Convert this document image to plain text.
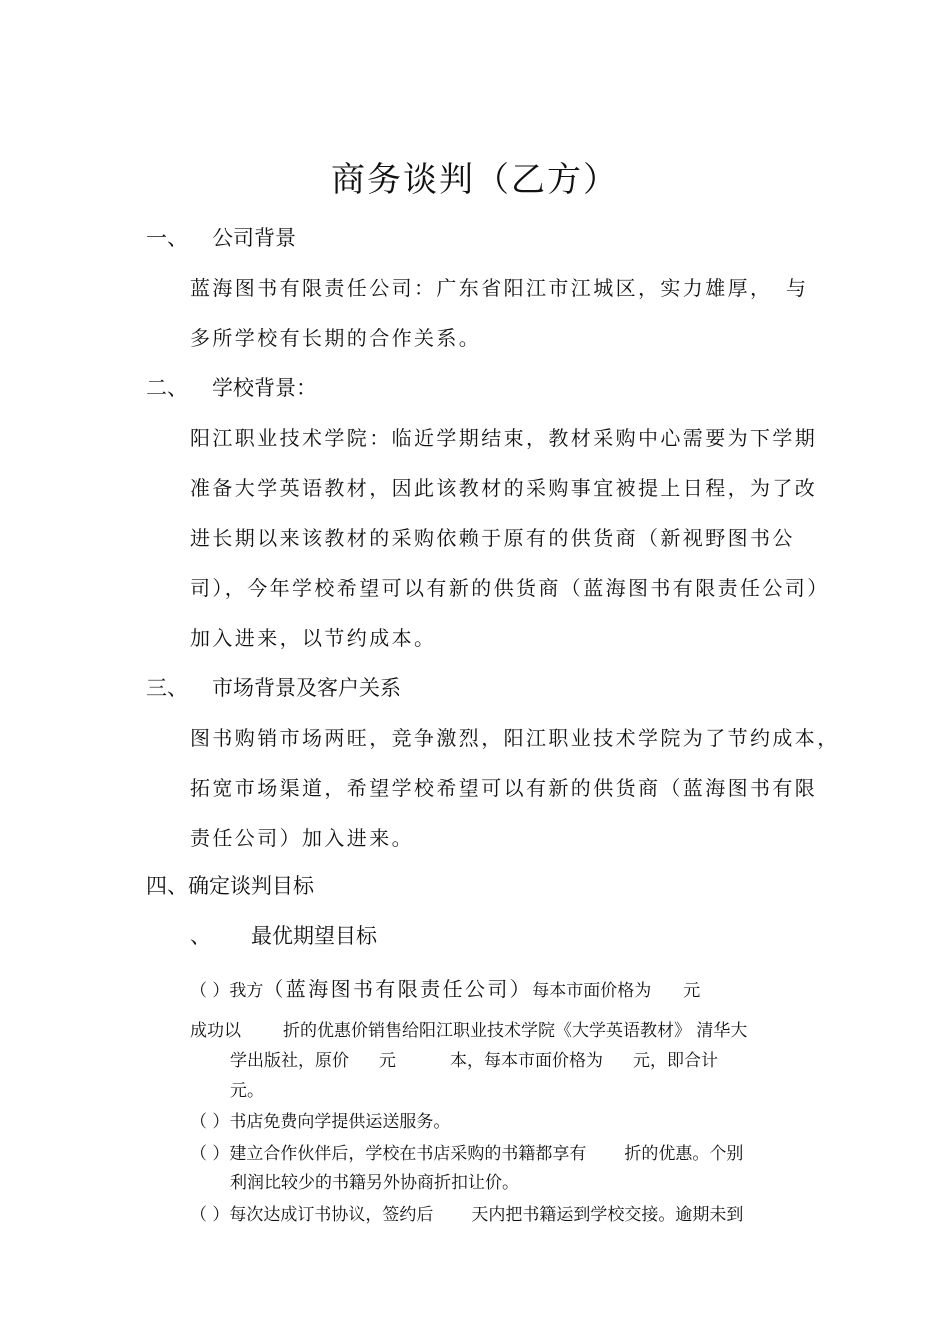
商务谈判（乙方）
一、 公司背景

蓝海图书有限责任公司：广东省阳江市江城区，实力雄厚， 与

多所学校有长期的合作关系。

二、 学校背景：

阳江职业技术学院：临近学期结束，教材采购中心需要为下学期

准备大学英语教材，因此该教材的采购事宜被提上日程，为了改

进长期以来该教材的采购依赖于原有的供货商（新视野图书公

司），今年学校希望可以有新的供货商（蓝海图书有限责任公司）

加入进来，以节约成本。

三、 市场背景及客户关系

图书购销市场两旺，竞争激烈，阳江职业技术学院为了节约成本，

拓宽市场渠道，希望学校希望可以有新的供货商（蓝海图书有限

责任公司）加入进来。

四、确定谈判目标
、 最优期望目标
（ ）我方（蓝海图书有限责任公司）每本市面价格为 元
成功以 折的优惠价销售给阳江职业技术学院《大学英语教材》 清华大
学出版社，原价 元	本，每本市面价格为 元，即合计
元。
（ ）书店免费向学提供运送服务。
（ ）建立合作伙伴后，学校在书店采购的书籍都享有 折的优惠。个别
利润比较少的书籍另外协商折扣让价。
（ ）每次达成订书协议，签约后 天内把书籍运到学校交接。逾期未到
